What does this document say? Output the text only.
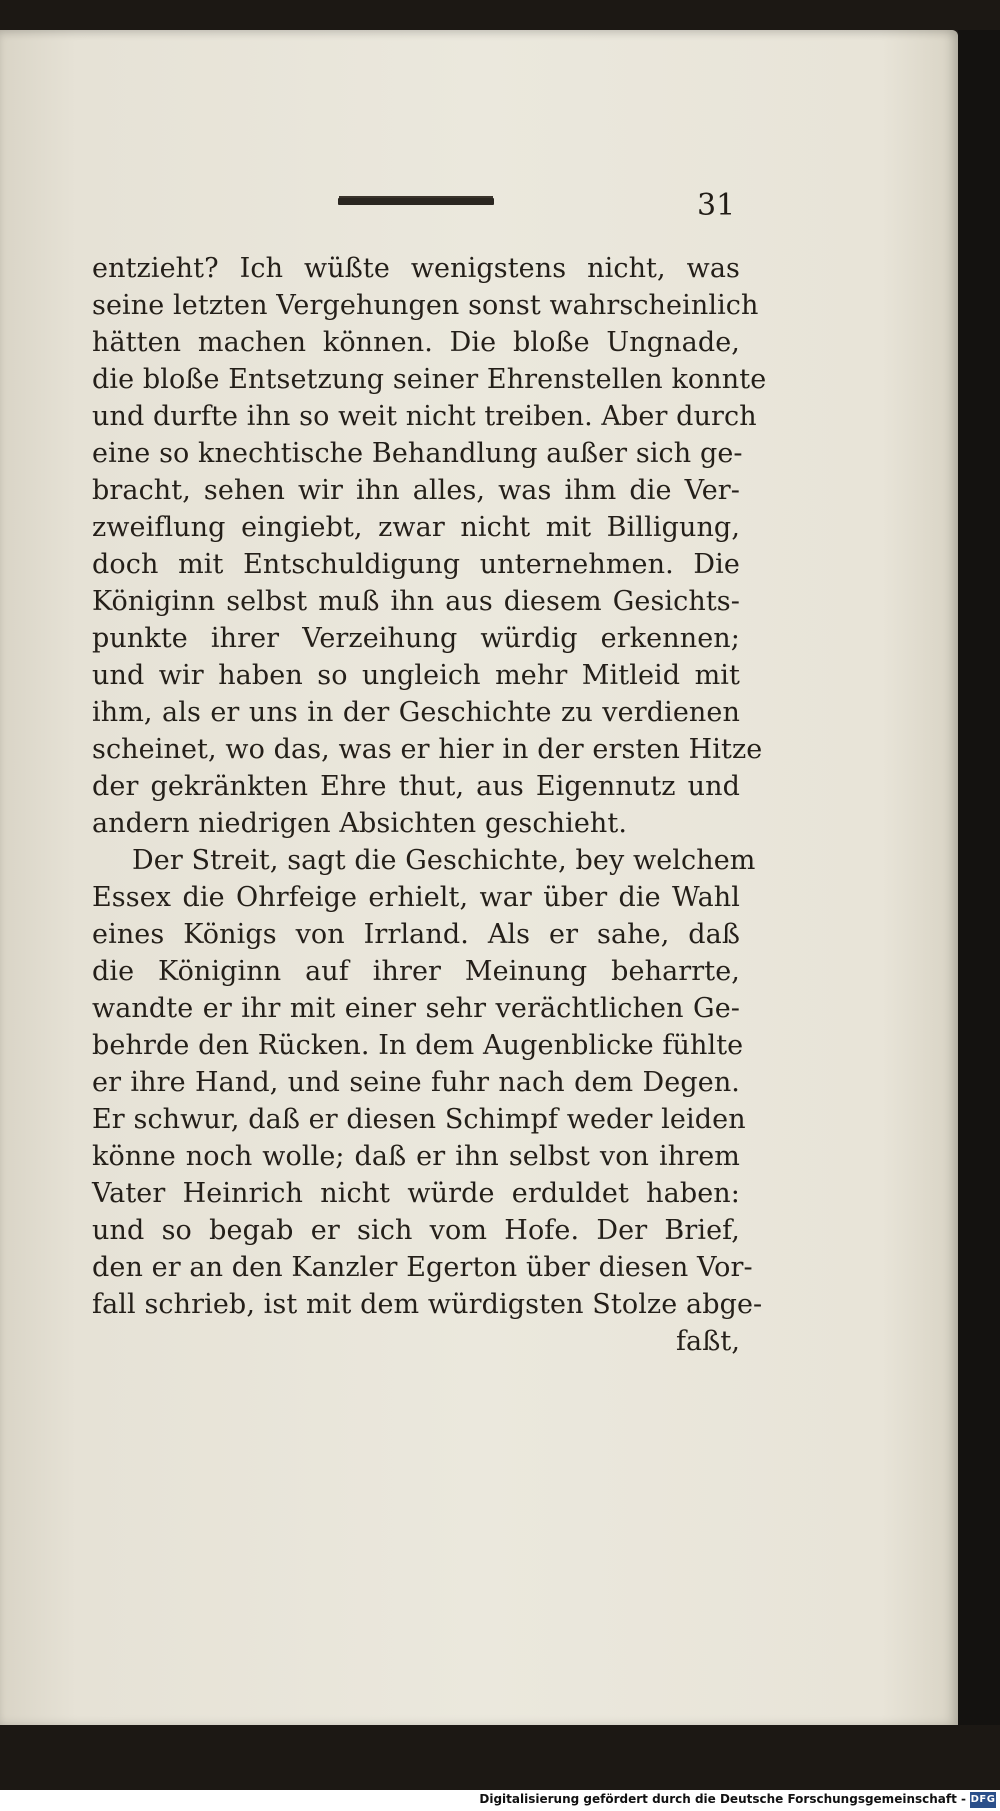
31
entzieht? Ich wüßte wenigstens nicht, was
seine letzten Vergehungen sonst wahrscheinlich
hätten machen können. Die bloße Ungnade,
die bloße Entsetzung seiner Ehrenstellen konnte
und durfte ihn so weit nicht treiben. Aber durch
eine so knechtische Behandlung außer sich ge-
bracht, sehen wir ihn alles, was ihm die Ver-
zweiflung eingiebt, zwar nicht mit Billigung,
doch mit Entschuldigung unternehmen. Die
Königinn selbst muß ihn aus diesem Gesichts-
punkte ihrer Verzeihung würdig erkennen;
und wir haben so ungleich mehr Mitleid mit
ihm, als er uns in der Geschichte zu verdienen
scheinet, wo das, was er hier in der ersten Hitze
der gekränkten Ehre thut, aus Eigennutz und
andern niedrigen Absichten geschieht.
Der Streit, sagt die Geschichte, bey welchem
Essex die Ohrfeige erhielt, war über die Wahl
eines Königs von Irrland. Als er sahe, daß
die Königinn auf ihrer Meinung beharrte,
wandte er ihr mit einer sehr verächtlichen Ge-
behrde den Rücken. In dem Augenblicke fühlte
er ihre Hand, und seine fuhr nach dem Degen.
Er schwur, daß er diesen Schimpf weder leiden
könne noch wolle; daß er ihn selbst von ihrem
Vater Heinrich nicht würde erduldet haben:
und so begab er sich vom Hofe. Der Brief,
den er an den Kanzler Egerton über diesen Vor-
fall schrieb, ist mit dem würdigsten Stolze abge-
faßt,
Digitalisierung gefördert durch die Deutsche Forschungsgemeinschaft - DFG
